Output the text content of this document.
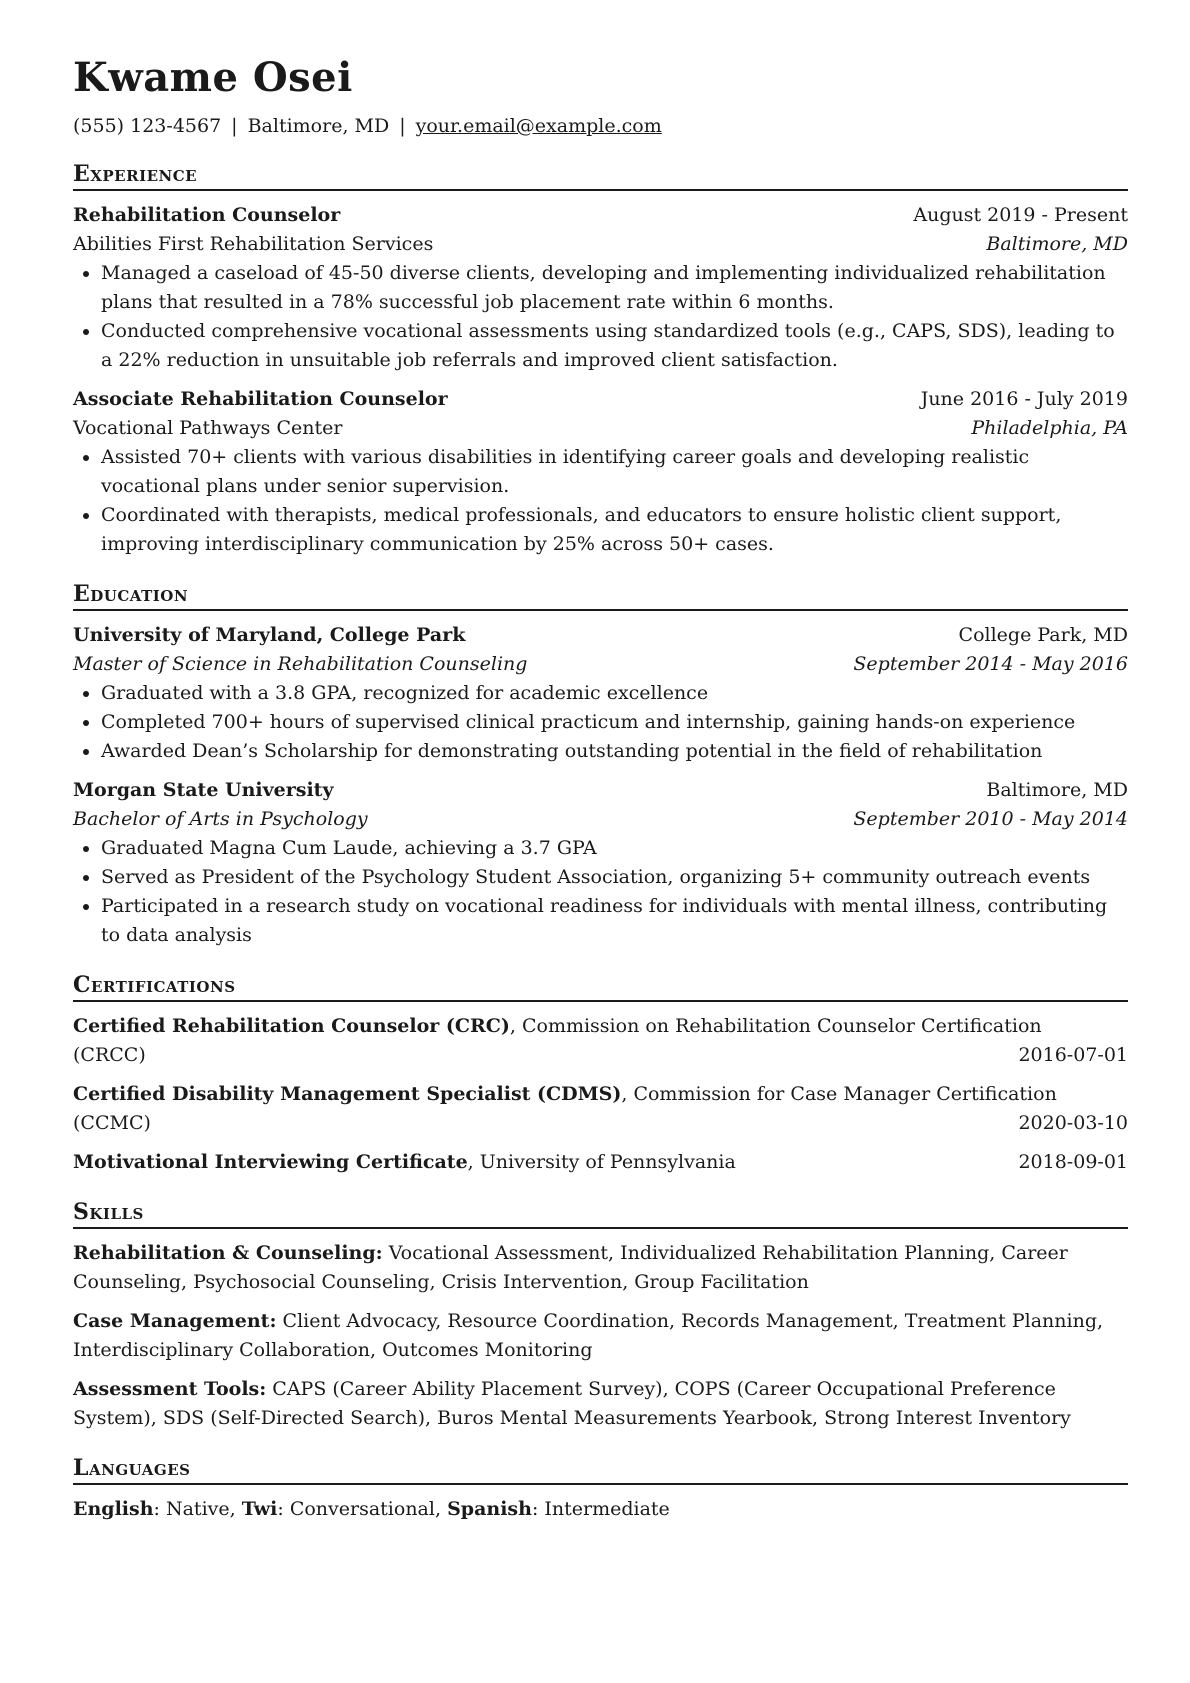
Kwame Osei
(555) 123-4567 | Baltimore, MD | your.email@example.com
Experience
Rehabilitation Counselor	August 2019 - Present
Abilities First Rehabilitation Services	Baltimore, MD
• Managed a caseload of 45-50 diverse clients, developing and implementing individualized rehabilitation plans that resulted in a 78% successful job placement rate within 6 months.
• Conducted comprehensive vocational assessments using standardized tools (e.g., CAPS, SDS), leading to a 22% reduction in unsuitable job referrals and improved client satisfaction.
Associate Rehabilitation Counselor	June 2016 - July 2019
Vocational Pathways Center	Philadelphia, PA
• Assisted 70+ clients with various disabilities in identifying career goals and developing realistic vocational plans under senior supervision.
• Coordinated with therapists, medical professionals, and educators to ensure holistic client support, improving interdisciplinary communication by 25% across 50+ cases.
Education
University of Maryland, College Park	College Park, MD
Master of Science in Rehabilitation Counseling	September 2014 - May 2016
• Graduated with a 3.8 GPA, recognized for academic excellence
• Completed 700+ hours of supervised clinical practicum and internship, gaining hands-on experience
• Awarded Dean’s Scholarship for demonstrating outstanding potential in the field of rehabilitation
Morgan State University	Baltimore, MD
Bachelor of Arts in Psychology	September 2010 - May 2014
• Graduated Magna Cum Laude, achieving a 3.7 GPA
• Served as President of the Psychology Student Association, organizing 5+ community outreach events
• Participated in a research study on vocational readiness for individuals with mental illness, contributing to data analysis
Certifications
Certified Rehabilitation Counselor (CRC), Commission on Rehabilitation Counselor Certification
(CRCC)	2016-07-01
Certified Disability Management Specialist (CDMS), Commission for Case Manager Certification
(CCMC)	2020-03-10
Motivational Interviewing Certificate, University of Pennsylvania	2018-09-01
Skills
Rehabilitation & Counseling: Vocational Assessment, Individualized Rehabilitation Planning, Career Counseling, Psychosocial Counseling, Crisis Intervention, Group Facilitation
Case Management: Client Advocacy, Resource Coordination, Records Management, Treatment Planning, Interdisciplinary Collaboration, Outcomes Monitoring
Assessment Tools: CAPS (Career Ability Placement Survey), COPS (Career Occupational Preference System), SDS (Self-Directed Search), Buros Mental Measurements Yearbook, Strong Interest Inventory
Languages
English: Native, Twi: Conversational, Spanish: Intermediate
